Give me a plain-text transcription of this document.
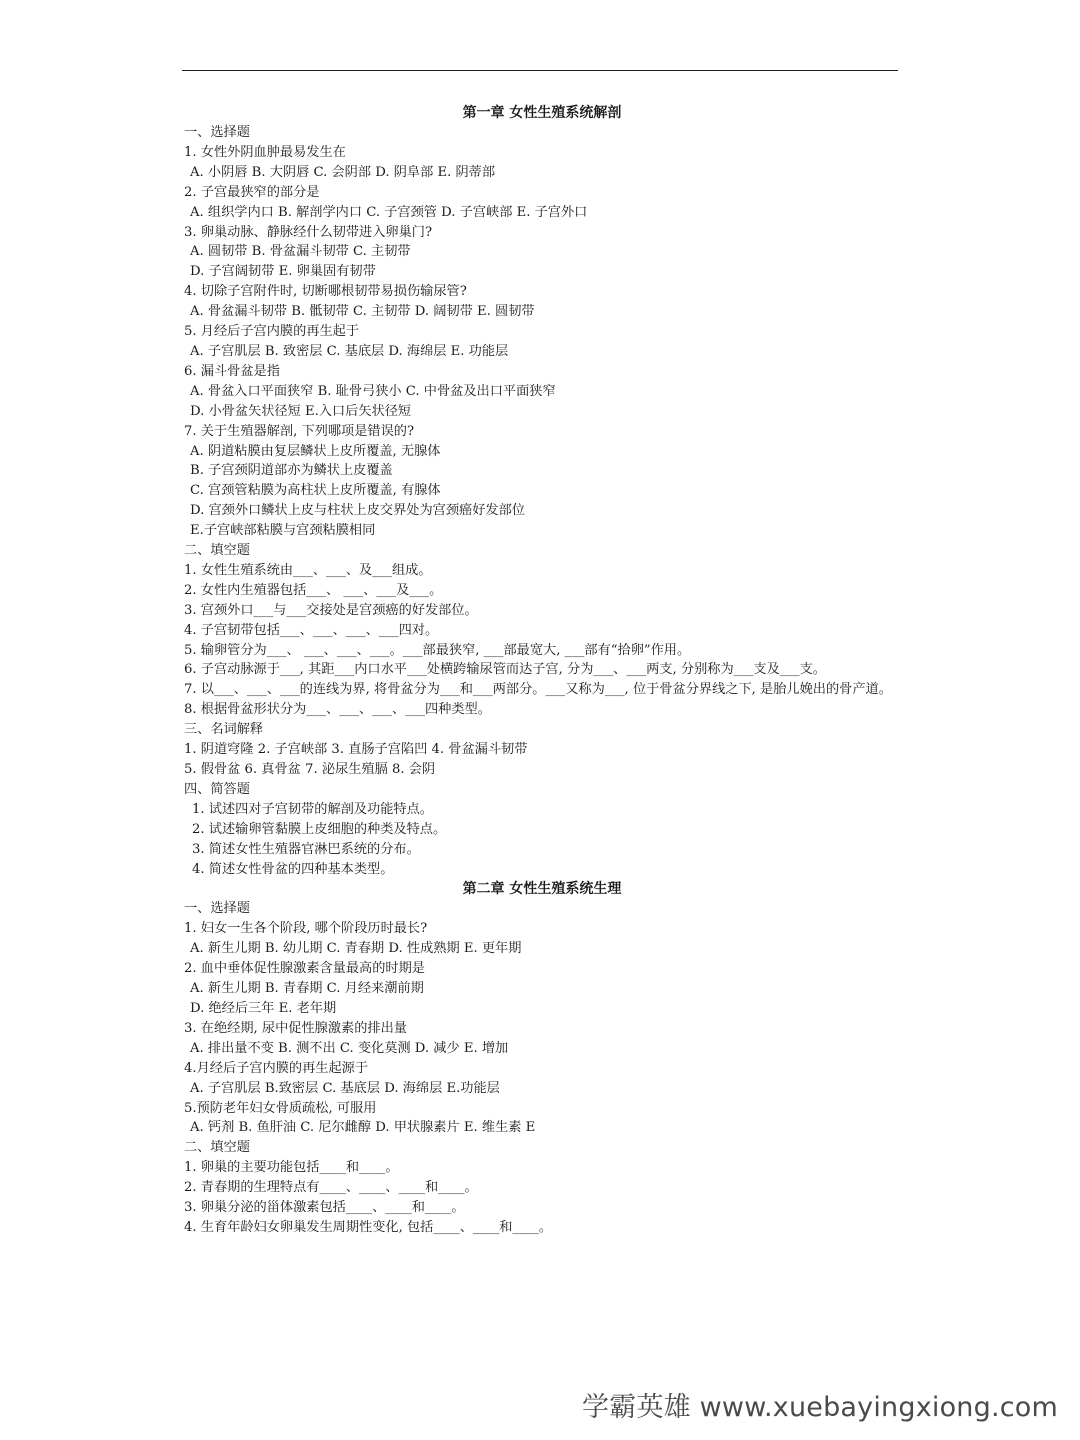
第一章 女性生殖系统解剖
一、选择题
1. 女性外阴血肿最易发生在
A. 小阴唇 B. 大阴唇 C. 会阴部 D. 阴阜部 E. 阴蒂部
2. 子宫最狭窄的部分是
A. 组织学内口 B. 解剖学内口 C. 子宫颈管 D. 子宫峡部 E. 子宫外口
3. 卵巢动脉、静脉经什么韧带进入卵巢门?
A. 圆韧带 B. 骨盆漏斗韧带 C. 主韧带
D. 子宫阔韧带 E. 卵巢固有韧带
4. 切除子宫附件时, 切断哪根韧带易损伤输尿管?
A. 骨盆漏斗韧带 B. 骶韧带 C. 主韧带 D. 阔韧带 E. 圆韧带
5. 月经后子宫内膜的再生起于
A. 子宫肌层 B. 致密层 C. 基底层 D. 海绵层 E. 功能层
6. 漏斗骨盆是指
A. 骨盆入口平面狭窄 B. 耻骨弓狭小 C. 中骨盆及出口平面狭窄
D. 小骨盆矢状径短 E.入口后矢状径短
7. 关于生殖器解剖, 下列哪项是错误的?
A. 阴道粘膜由复层鳞状上皮所覆盖, 无腺体
B. 子宫颈阴道部亦为鳞状上皮覆盖
C. 宫颈管粘膜为高柱状上皮所覆盖, 有腺体
D. 宫颈外口鳞状上皮与柱状上皮交界处为宫颈癌好发部位
E.子宫峡部粘膜与宫颈粘膜相同
二、填空题
1. 女性生殖系统由___、___、及___组成。
2. 女性内生殖器包括___、 ___、___及___。
3. 宫颈外口___与___交接处是宫颈癌的好发部位。
4. 子宫韧带包括___、___、___、___四对。
5. 输卵管分为___、 ___、___、___。___部最狭窄, ___部最宽大, ___部有“拾卵”作用。
6. 子宫动脉源于___, 其距___内口水平___处横跨输尿管而达子宫, 分为___、___两支, 分别称为___支及___支。
7. 以___、___、___的连线为界, 将骨盆分为___和___两部分。___又称为___, 位于骨盆分界线之下, 是胎儿娩出的骨产道。
8. 根据骨盆形状分为___、___、___、___四种类型。
三、名词解释
1. 阴道穹隆 2. 子宫峡部 3. 直肠子宫陷凹 4. 骨盆漏斗韧带
5. 假骨盆 6. 真骨盆 7. 泌尿生殖膈 8. 会阴
四、简答题
1. 试述四对子宫韧带的解剖及功能特点。
2. 试述输卵管黏膜上皮细胞的种类及特点。
3. 简述女性生殖器官淋巴系统的分布。
4. 简述女性骨盆的四种基本类型。
第二章 女性生殖系统生理
一、选择题
1. 妇女一生各个阶段, 哪个阶段历时最长?
A. 新生儿期 B. 幼儿期 C. 青春期 D. 性成熟期 E. 更年期
2. 血中垂体促性腺激素含量最高的时期是
A. 新生儿期 B. 青春期 C. 月经来潮前期
D. 绝经后三年 E. 老年期
3. 在绝经期, 尿中促性腺激素的排出量
A. 排出量不变 B. 测不出 C. 变化莫测 D. 减少 E. 增加
4.月经后子宫内膜的再生起源于
A. 子宫肌层 B.致密层 C. 基底层 D. 海绵层 E.功能层
5.预防老年妇女骨质疏松, 可服用
A. 钙剂 B. 鱼肝油 C. 尼尔雌醇 D. 甲状腺素片 E. 维生素 E
二、填空题
1. 卵巢的主要功能包括____和____。
2. 青春期的生理特点有____、____、____和____。
3. 卵巢分泌的甾体激素包括____、____和____。
4. 生育年龄妇女卵巢发生周期性变化, 包括____、____和____。
学霸英雄 www.xuebayingxiong.com
